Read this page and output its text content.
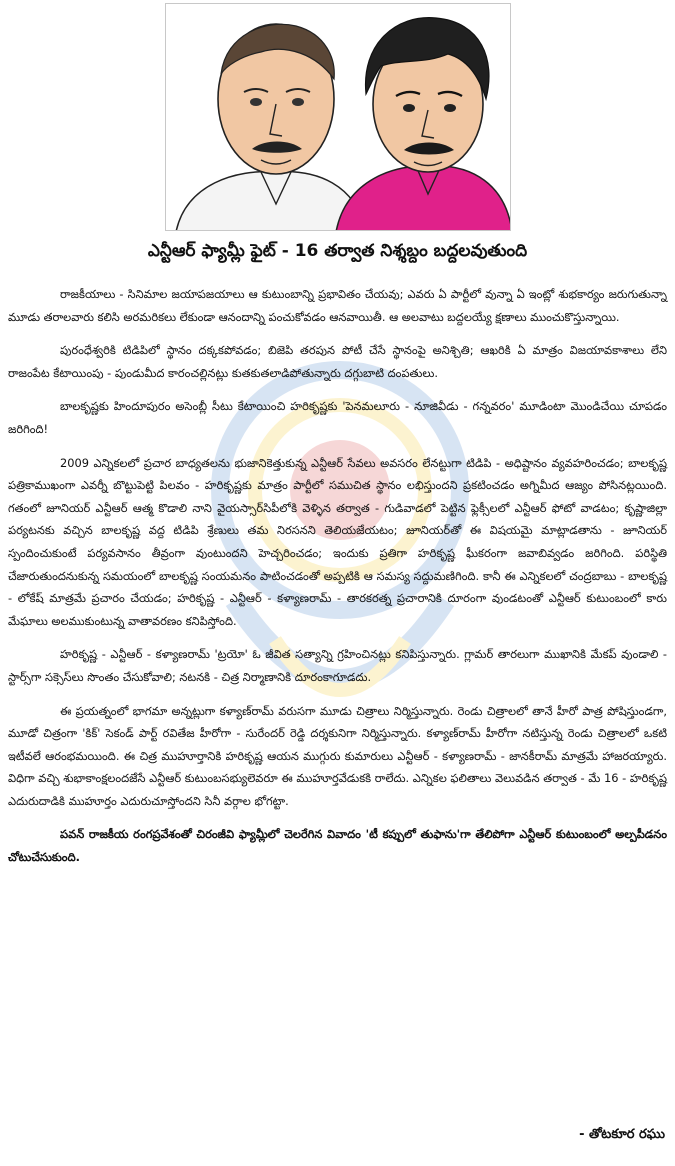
ఎన్టీఆర్ ఫ్యామ్లీ ఫైట్ - 16 తర్వాత నిశ్శబ్దం బద్దలవుతుంది

రాజకీయాలు - సినిమాల జయాపజయాలు ఆ కుటుంబాన్ని ప్రభావితం చేయవు; ఎవరు ఏ పార్టీలో వున్నా ఏ ఇంట్లో శుభకార్యం జరుగుతున్నా మూడు తరాలవారు కలిసి అరమరికలు లేకుండా ఆనందాన్ని పంచుకోవడం ఆనవాయితీ. ఆ అలవాటు బద్దలయ్యే క్షణాలు ముంచుకొస్తున్నాయి.

పురంధేశ్వరికి టిడిపిలో స్థానం దక్కకపోవడం; బిజెపి తరపున పోటీ చేసే స్థానంపై అనిశ్చితి; ఆఖరికి ఏ మాత్రం విజయావకాశాలు లేని రాజంపేట కేటాయింపు - పుండుమీద కారంచల్లినట్లు కుతకుతలాడిపోతున్నారు దగ్గుబాటి దంపతులు.

బాలకృష్ణకు హిందూపురం అసెంబ్లీ సీటు కేటాయించి హరికృష్ణకు 'పెనమలూరు - నూజివీడు - గన్నవరం' మూడింటా మొండిచేయి చూపడం జరిగింది!

2009 ఎన్నికలలో ప్రచార బాధ్యతలను భుజానికెత్తుకున్న ఎన్టీఆర్ సేవలు అవసరం లేనట్టుగా టిడిపి - అధిష్టానం వ్యవహరించడం; బాలకృష్ణ పత్రికాముఖంగా ఎవర్నీ బొట్టుపెట్టి పిలవం - హరికృష్ణకు మాత్రం పార్టీలో సముచిత స్థానం లభిస్తుందని ప్రకటించడం అగ్నిమీద ఆజ్యం పోసినట్లయింది. గతంలో జూనియర్ ఎన్టీఆర్ ఆత్మ కొడాలి నాని వైయస్సార్‌సిపీలోకి వెళ్ళిన తర్వాత - గుడివాడలో పెట్టిన ఫ్లెక్సీలలో ఎన్టీఆర్ ఫోటో వాడటం; కృష్ణాజిల్లా పర్యటనకు వచ్చిన బాలకృష్ణ వద్ద టిడిపి శ్రేణులు తమ నిరసనని తెలియజేయటం; జూనియర్‌తో ఈ విషయమై మాట్లాడతాను - జూనియర్ స్పందించుకుంటే పర్యవసానం తీవ్రంగా వుంటుందని హెచ్చరించడం; ఇందుకు ప్రతిగా హరికృష్ణ ఘీకరంగా జవాబివ్వడం జరిగింది. పరిస్థితి చేజారుతుందనుకున్న సమయంలో బాలకృష్ణ సంయమనం పాటించడంతో అప్పటికి ఆ సమస్య సద్దుమణిగింది. కానీ ఈ ఎన్నికలలో చంద్రబాబు - బాలకృష్ణ - లోకేష్ మాత్రమే ప్రచారం చేయడం; హరికృష్ణ - ఎన్టీఆర్ - కళ్యాణరామ్ - తారకరత్న ప్రచారానికి దూరంగా వుండటంతో ఎన్టీఆర్ కుటుంబంలో కారు మేఘాలు అలముకుంటున్న వాతావరణం కనిపిస్తోంది.

హరికృష్ణ - ఎన్టీఆర్ - కళ్యాణరామ్ 'ట్రయో' ఓ జీవిత సత్యాన్ని గ్రహించినట్లు కనిపిస్తున్నారు. గ్లామర్ తారలుగా ముఖానికి మేకప్ వుండాలి - స్టార్స్‌గా సక్సెస్‌లు సొంతం చేసుకోవాలి; నటనకి - చిత్ర నిర్మాణానికి దూరంకాగూడదు.

ఈ ప్రయత్నంలో భాగమా అన్నట్లుగా కళ్యాణ్‌రామ్ వరుసగా మూడు చిత్రాలు నిర్మిస్తున్నారు. రెండు చిత్రాలలో తానే హీరో పాత్ర పోషిస్తుండగా, మూడో చిత్రంగా 'కిక్' సెకండ్ పార్ట్ రవితేజ హీరోగా - సురేందర్ రెడ్డి దర్శకునిగా నిర్మిస్తున్నారు. కళ్యాణ్‌రామ్ హీరోగా నటిస్తున్న రెండు చిత్రాలలో ఒకటి ఇటీవలే ఆరంభమయింది. ఈ చిత్ర ముహూర్తానికి హరికృష్ణ ఆయన ముగ్గురు కుమారులు ఎన్టీఆర్ - కళ్యాణరామ్ - జానకీరామ్ మాత్రమే హాజరయ్యారు. విధిగా వచ్చి శుభాకాంక్షలందజేసే ఎన్టీఆర్ కుటుంబసభ్యులెవరూ ఈ ముహూర్తవేడుకకి రాలేదు. ఎన్నికల ఫలితాలు వెలువడిన తర్వాత - మే 16 - హరికృష్ణ ఎదురుదాడికి ముహూర్తం ఎదురుచూస్తోందని సినీ వర్గాల భోగట్టా.

పవన్ రాజకీయ రంగప్రవేశంతో చిరంజీవి ఫ్యామ్లీలో చెలరేగిన వివాదం 'టీ కప్పులో తుఫాను'గా తేలిపోగా ఎన్టీఆర్ కుటుంబంలో అల్పపీడనం చోటుచేసుకుంది.

- తోటకూర రఘు
